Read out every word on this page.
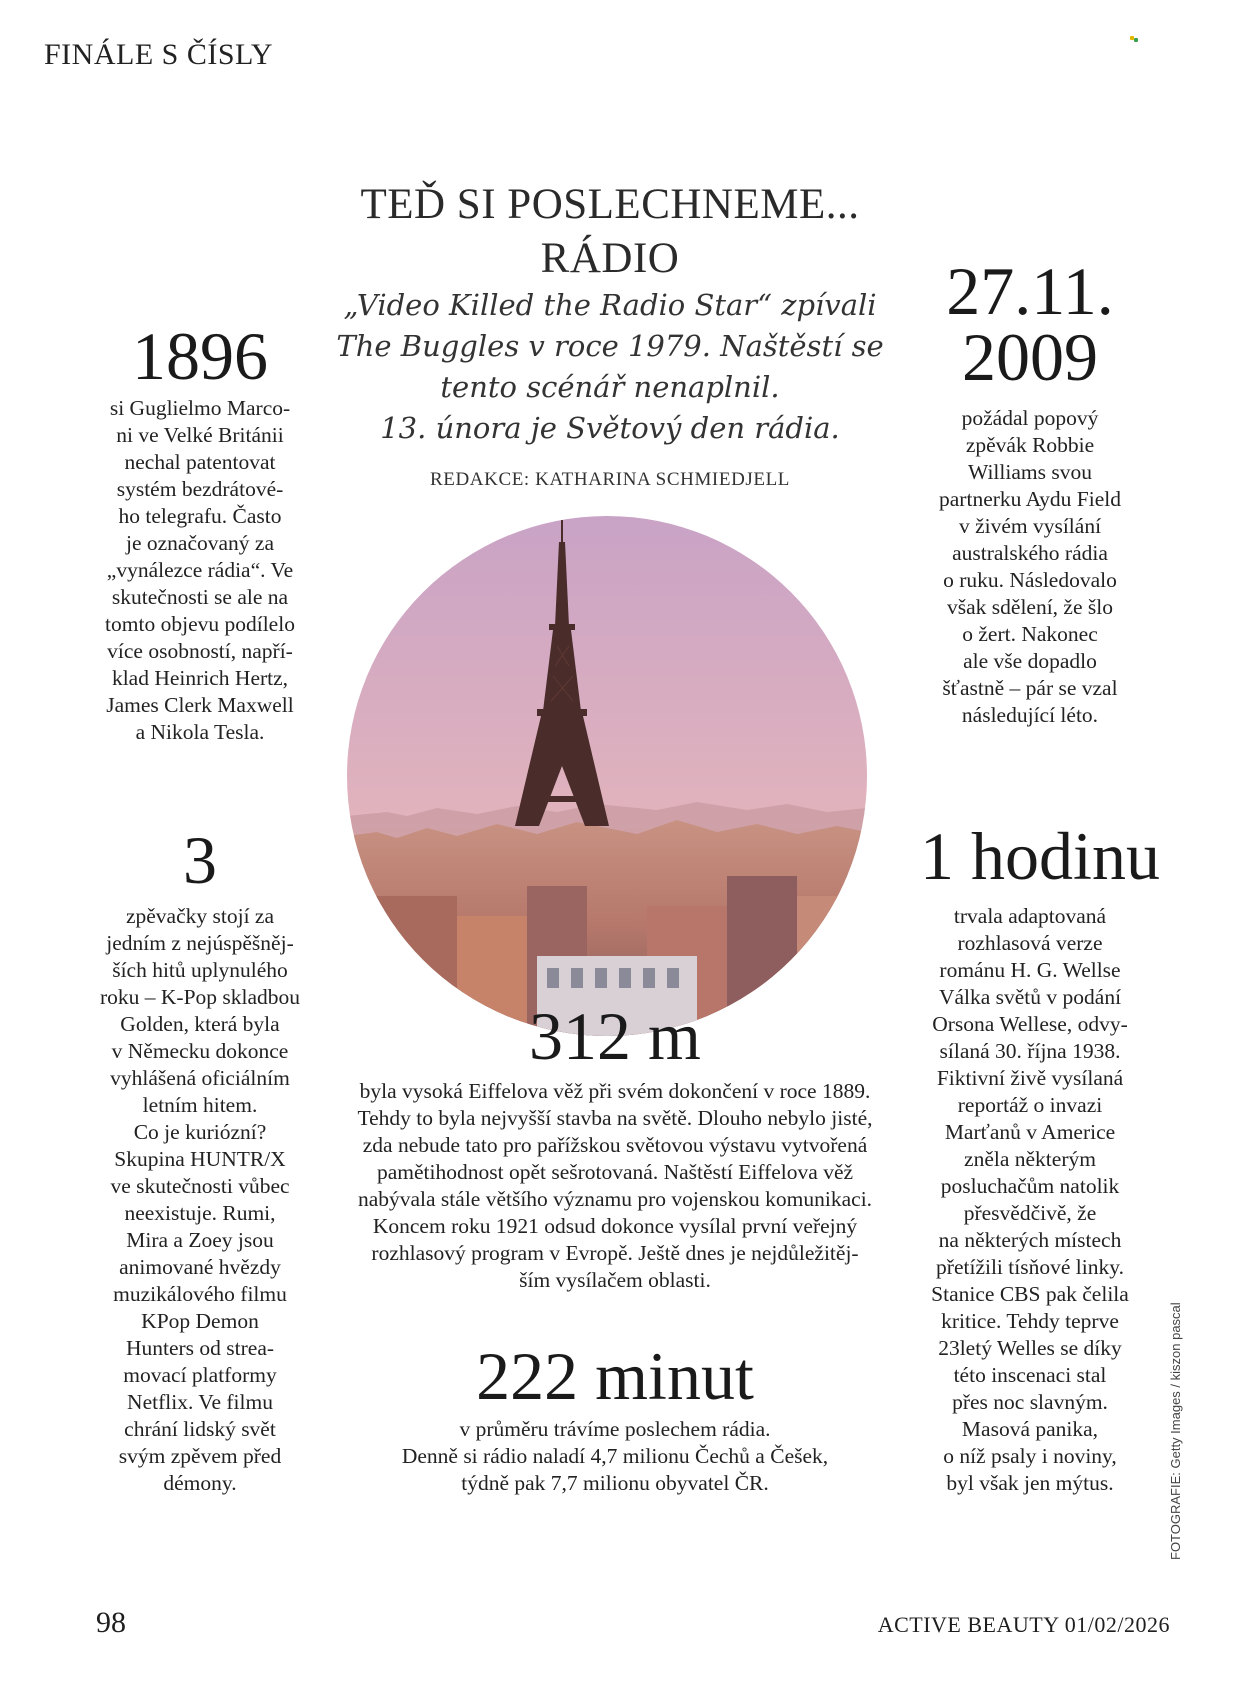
FINÁLE S ČÍSLY
TEĎ SI POSLECHNEME...
RÁDIO
„Video Killed the Radio Star“ zpívali
The Buggles v roce 1979. Naštěstí se
tento scénář nenaplnil.
13. února je Světový den rádia.
REDAKCE: KATHARINA SCHMIEDJELL
1896
si Guglielmo Marco-
ni ve Velké Británii
nechal patentovat
systém bezdrátové-
ho telegrafu. Často
je označovaný za
„vynálezce rádia“. Ve
skutečnosti se ale na
tomto objevu podílelo
více osobností, napří-
klad Heinrich Hertz,
James Clerk Maxwell
a Nikola Tesla.
27.11.
2009
požádal popový
zpěvák Robbie
Williams svou
partnerku Aydu Field
v živém vysílání
australského rádia
o ruku. Následovalo
však sdělení, že šlo
o žert. Nakonec
ale vše dopadlo
šťastně – pár se vzal
následující léto.
3
zpěvačky stojí za
jedním z nejúspěšněj-
ších hitů uplynulého
roku – K-Pop skladbou
Golden, která byla
v Německu dokonce
vyhlášená oficiálním
letním hitem.
Co je kuriózní?
Skupina HUNTR/X
ve skutečnosti vůbec
neexistuje. Rumi,
Mira a Zoey jsou
animované hvězdy
muzikálového filmu
KPop Demon
Hunters od strea-
movací platformy
Netflix. Ve filmu
chrání lidský svět
svým zpěvem před
démony.
1 hodinu
trvala adaptovaná
rozhlasová verze
románu H. G. Wellse
Válka světů v podání
Orsona Wellese, odvy-
sílaná 30. října 1938.
Fiktivní živě vysílaná
reportáž o invazi
Marťanů v Americe
zněla některým
posluchačům natolik
přesvědčivě, že
na některých místech
přetížili tísňové linky.
Stanice CBS pak čelila
kritice. Tehdy teprve
23letý Welles se díky
této inscenaci stal
přes noc slavným.
Masová panika,
o níž psaly i noviny,
byl však jen mýtus.
312 m
byla vysoká Eiffelova věž při svém dokončení v roce 1889.
Tehdy to byla nejvyšší stavba na světě. Dlouho nebylo jisté,
zda nebude tato pro pařížskou světovou výstavu vytvořená
pamětihodnost opět sešrotovaná. Naštěstí Eiffelova věž
nabývala stále většího významu pro vojenskou komunikaci.
Koncem roku 1921 odsud dokonce vysílal první veřejný
rozhlasový program v Evropě. Ještě dnes je nejdůležitěj-
ším vysílačem oblasti.
222 minut
v průměru trávíme poslechem rádia.
Denně si rádio naladí 4,7 milionu Čechů a Češek,
týdně pak 7,7 milionu obyvatel ČR.
98	ACTIVE BEAUTY 01/02/2026
FOTOGRAFIE: Getty Images / kiszon pascal
